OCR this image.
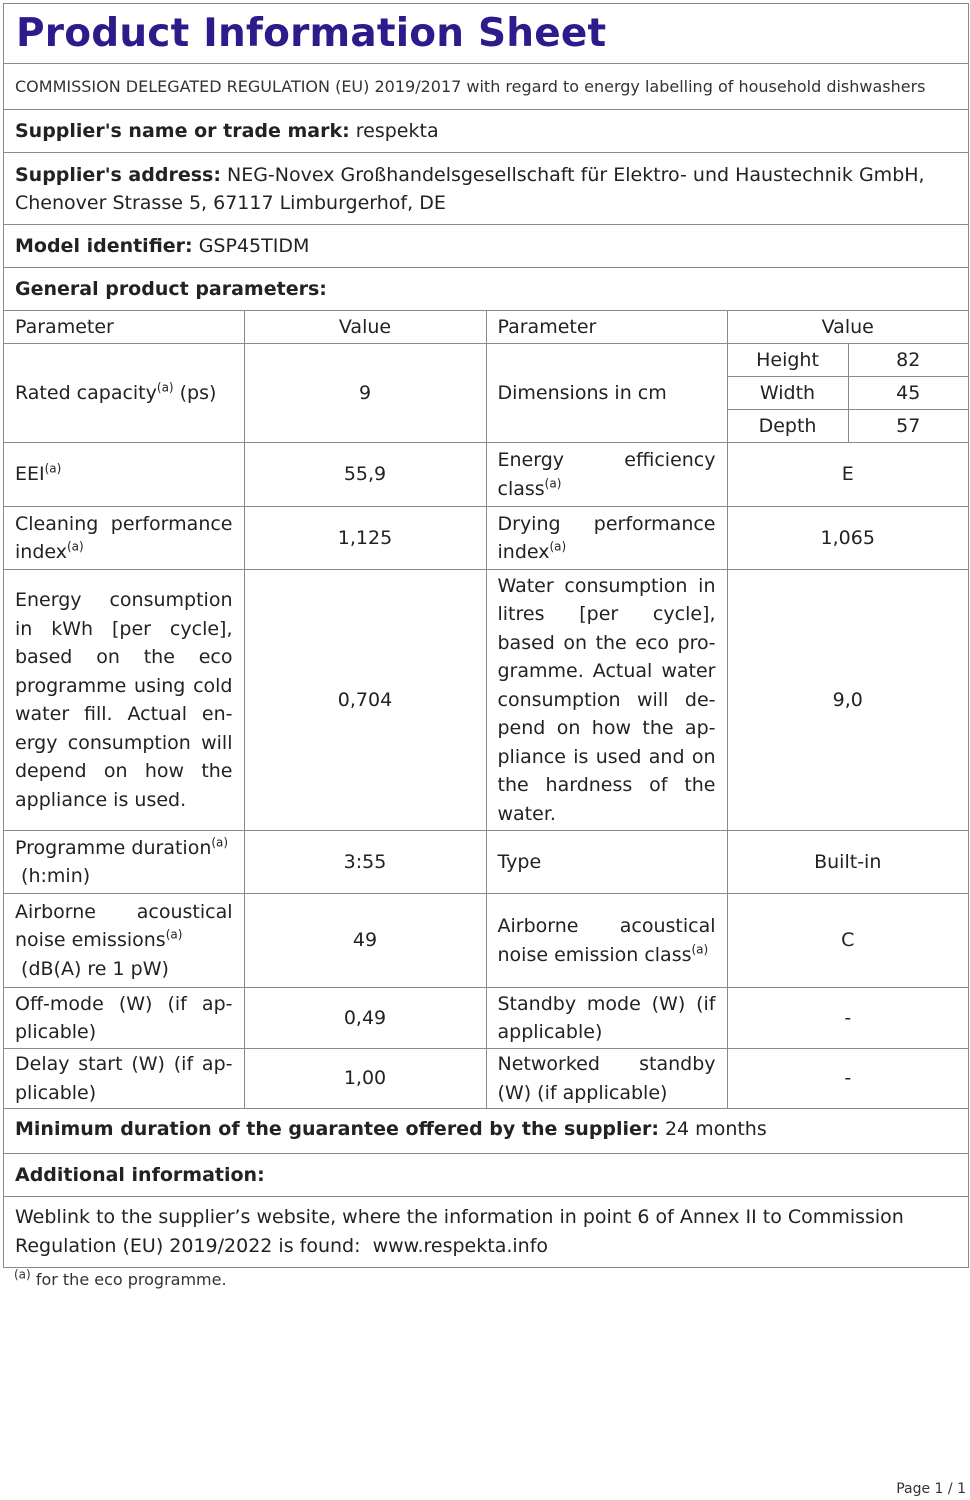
Product Information Sheet
COMMISSION DELEGATED REGULATION (EU) 2019/2017 with regard to energy labelling of household dishwashers
Supplier's name or trade mark: respekta
Supplier's address: NEG-Novex Großhandelsgesellschaft für Elektro- und Haustechnik GmbH,
Chenover Strasse 5, 67117 Limburgerhof, DE
Model identifier: GSP45TIDM
General product parameters:
Parameter	Value	Parameter	Value	
Rated capacity$^{(a)}$ (ps)	9	Dimensions in cm	Height	82
			Width	45
			Depth	57
EEI$^{(a)}$	55,9	Energy efficiency class$^{(a)}$	E	
Cleaning performance index$^{(a)}$	1,125	Drying performance index$^{(a)}$	1,065	
Energy consumption in kWh [per cycle], based on the eco programme using cold water fill. Actual energy consumption will depend on how the appliance is used.	0,704	Water consumption in litres [per cycle], based on the eco programme. Actual water consumption will depend on how the appliance is used and on the hardness of the water.	9,0	
Programme duration$^{(a)}$
(h:min)	3:55	Type	Built-in	
Airborne acoustical noise emissions$^{(a)}$
(dB(A) re 1 pW)	49	Airborne acoustical noise emission class$^{(a)}$	C	
Off-mode (W) (if applicable)	0,49	Standby mode (W) (if applicable)	-	
Delay start (W) (if applicable)	1,00	Networked standby (W) (if applicable)	-	
Minimum duration of the guarantee offered by the supplier: 24 months
Additional information:
Weblink to the supplier’s website, where the information in point 6 of Annex II to Commission
Regulation (EU) 2019/2022 is found: www.respekta.info
$^{(a)}$ for the eco programme.
Page 1 / 1
